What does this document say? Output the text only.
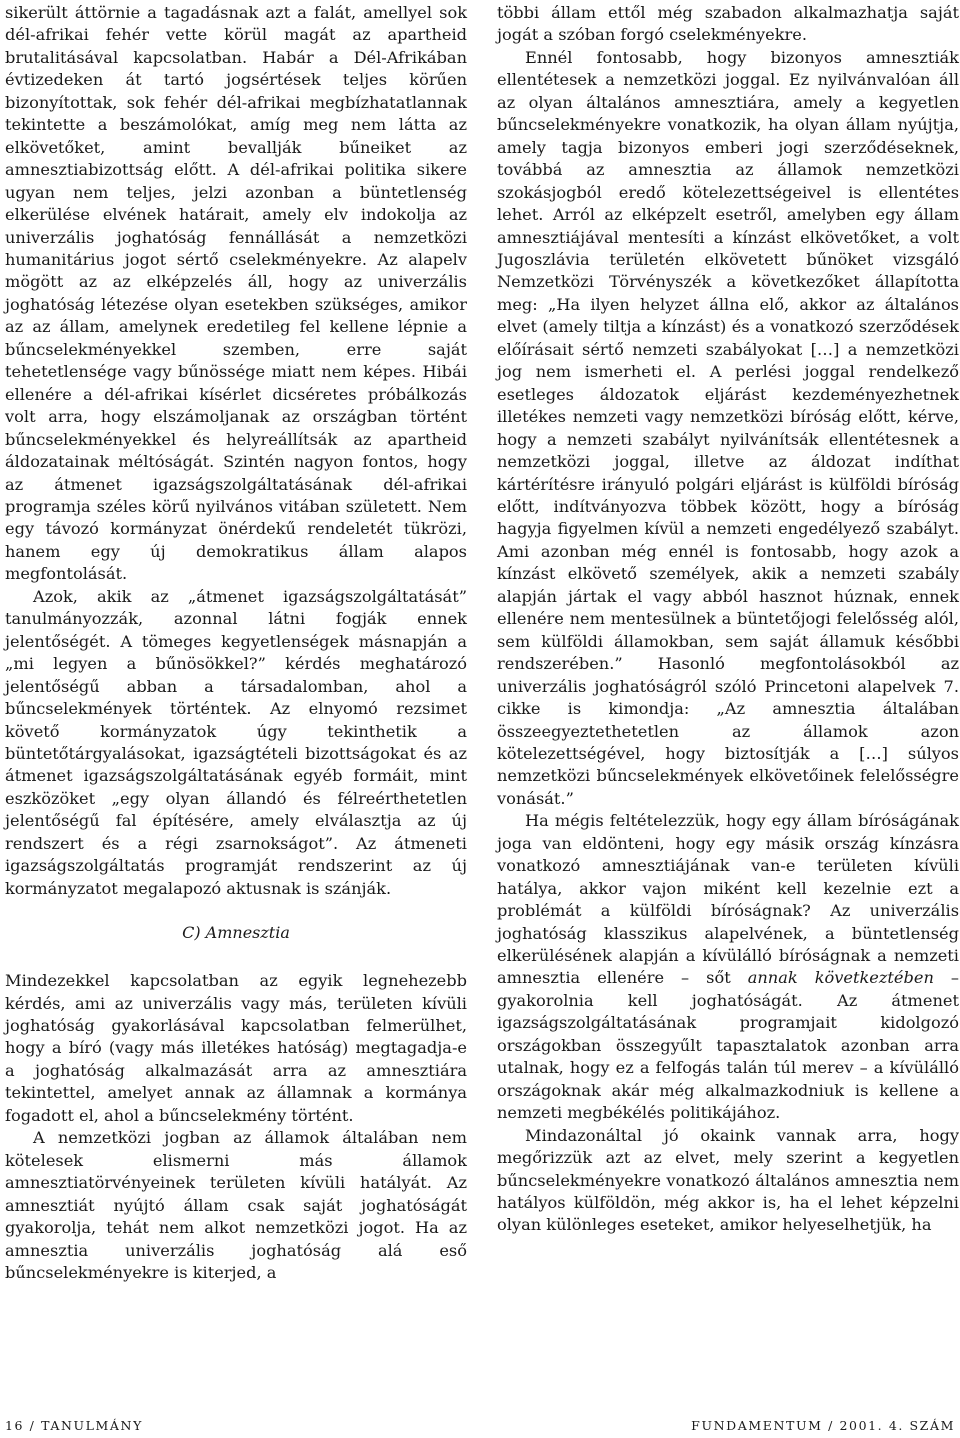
sikerült áttörnie a tagadásnak azt a falát, amellyel sok dél-afrikai fehér vette körül magát az apartheid brutalitásával kapcsolatban. Habár a Dél-Afrikában évtizedeken át tartó jogsértések teljes körűen bizonyítottak, sok fehér dél-afrikai megbízhatatlannak tekintette a beszámolókat, amíg meg nem látta az elkövetőket, amint bevallják bűneiket az amnesztiabizottság előtt. A dél-afrikai politika sikere ugyan nem teljes, jelzi azonban a büntetlenség elkerülése elvének határait, amely elv indokolja az univerzális joghatóság fennállását a nemzetközi humanitárius jogot sértő cselekményekre. Az alapelv mögött az az elképzelés áll, hogy az univerzális joghatóság létezése olyan esetekben szükséges, amikor az az állam, amelynek eredetileg fel kellene lépnie a bűncselekményekkel szemben, erre saját tehetetlensége vagy bűnössége miatt nem képes. Hibái ellenére a dél-afrikai kísérlet dicséretes próbálkozás volt arra, hogy elszámoljanak az országban történt bűncselekményekkel és helyreállítsák az apartheid áldozatainak méltóságát. Szintén nagyon fontos, hogy az átmenet igazságszolgáltatásának dél-afrikai programja széles körű nyilvános vitában született. Nem egy távozó kormányzat önérdekű rendeletét tükrözi, hanem egy új demokratikus állam alapos megfontolását.

Azok, akik az „átmenet igazságszolgáltatását” tanulmányozzák, azonnal látni fogják ennek jelentőségét. A tömeges kegyetlenségek másnapján a „mi legyen a bűnösökkel?” kérdés meghatározó jelentőségű abban a társadalomban, ahol a bűncselekmények történtek. Az elnyomó rezsimet követő kormányzatok úgy tekinthetik a büntetőtárgyalásokat, igazságtételi bizottságokat és az átmenet igazságszolgáltatásának egyéb formáit, mint eszközöket „egy olyan állandó és félreérthetetlen jelentőségű fal építésére, amely elválasztja az új rendszert és a régi zsarnokságot”. Az átmeneti igazságszolgáltatás programját rendszerint az új kormányzatot megalapozó aktusnak is szánják.

C) Amnesztia

Mindezekkel kapcsolatban az egyik legnehezebb kérdés, ami az univerzális vagy más, területen kívüli joghatóság gyakorlásával kapcsolatban felmerülhet, hogy a bíró (vagy más illetékes hatóság) megtagadja-e a joghatóság alkalmazását arra az amnesztiára tekintettel, amelyet annak az államnak a kormánya fogadott el, ahol a bűncselekmény történt.

A nemzetközi jogban az államok általában nem kötelesek elismerni más államok amnesztiatörvényeinek területen kívüli hatályát. Az amnesztiát nyújtó állam csak saját joghatóságát gyakorolja, tehát nem alkot nemzetközi jogot. Ha az amnesztia univerzális joghatóság alá eső bűncselekményekre is kiterjed, a

többi állam ettől még szabadon alkalmazhatja saját jogát a szóban forgó cselekményekre.

Ennél fontosabb, hogy bizonyos amnesztiák ellentétesek a nemzetközi joggal. Ez nyilvánvalóan áll az olyan általános amnesztiára, amely a kegyetlen bűncselekményekre vonatkozik, ha olyan állam nyújtja, amely tagja bizonyos emberi jogi szerződéseknek, továbbá az amnesztia az államok nemzetközi szokásjogból eredő kötelezettségeivel is ellentétes lehet. Arról az elképzelt esetről, amelyben egy állam amnesztiájával mentesíti a kínzást elkövetőket, a volt Jugoszlávia területén elkövetett bűnöket vizsgáló Nemzetközi Törvényszék a következőket állapította meg: „Ha ilyen helyzet állna elő, akkor az általános elvet (amely tiltja a kínzást) és a vonatkozó szerződések előírásait sértő nemzeti szabályokat […] a nemzetközi jog nem ismerheti el. A perlési joggal rendelkező esetleges áldozatok eljárást kezdeményezhetnek illetékes nemzeti vagy nemzetközi bíróság előtt, kérve, hogy a nemzeti szabályt nyilvánítsák ellentétesnek a nemzetközi joggal, illetve az áldozat indíthat kártérítésre irányuló polgári eljárást is külföldi bíróság előtt, indítványozva többek között, hogy a bíróság hagyja figyelmen kívül a nemzeti engedélyező szabályt. Ami azonban még ennél is fontosabb, hogy azok a kínzást elkövető személyek, akik a nemzeti szabály alapján jártak el vagy abból hasznot húznak, ennek ellenére nem mentesülnek a büntetőjogi felelősség alól, sem külföldi államokban, sem saját államuk későbbi rendszerében.” Hasonló megfontolásokból az univerzális joghatóságról szóló Princetoni alapelvek 7. cikke is kimondja: „Az amnesztia általában összeegyeztethetetlen az államok azon kötelezettségével, hogy biztosítják a […] súlyos nemzetközi bűncselekmények elkövetőinek felelősségre vonását.”

Ha mégis feltételezzük, hogy egy állam bíróságának joga van eldönteni, hogy egy másik ország kínzásra vonatkozó amnesztiájának van-e területen kívüli hatálya, akkor vajon miként kell kezelnie ezt a problémát a külföldi bíróságnak? Az univerzális joghatóság klasszikus alapelvének, a büntetlenség elkerülésének alapján a kívülálló bíróságnak a nemzeti amnesztia ellenére – sőt annak következtében – gyakorolnia kell joghatóságát. Az átmenet igazságszolgáltatásának programjait kidolgozó országokban összegyűlt tapasztalatok azonban arra utalnak, hogy ez a felfogás talán túl merev – a kívülálló országoknak akár még alkalmazkodniuk is kellene a nemzeti megbékélés politikájához.

Mindazonáltal jó okaink vannak arra, hogy megőrizzük azt az elvet, mely szerint a kegyetlen bűncselekményekre vonatkozó általános amnesztia nem hatályos külföldön, még akkor is, ha el lehet képzelni olyan különleges eseteket, amikor helyeselhetjük, ha

16 / TANULMÁNY	FUNDAMENTUM / 2001. 4. SZÁM
